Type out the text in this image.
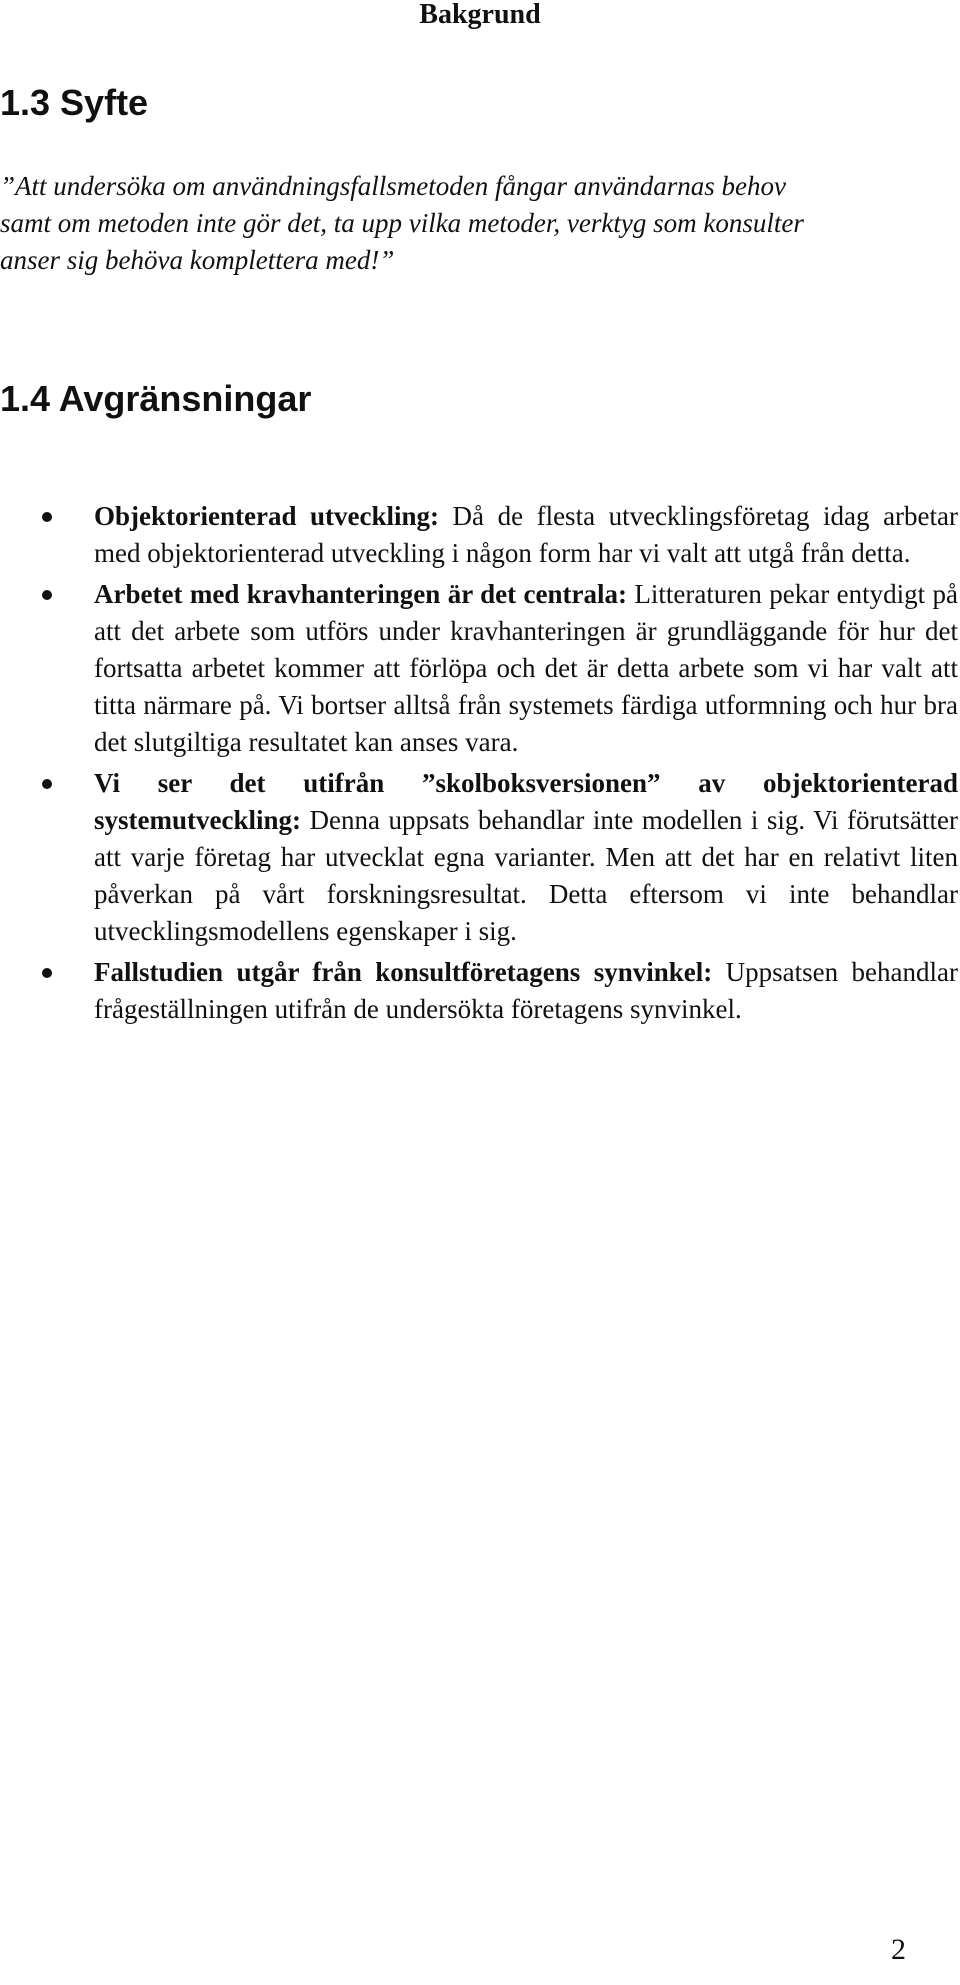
Bakgrund
1.3 Syfte
”Att undersöka om användningsfallsmetoden fångar användarnas behov
samt om metoden inte gör det, ta upp vilka metoder, verktyg som konsulter
anser sig behöva komplettera med!”
1.4 Avgränsningar
Objektorienterad utveckling: Då de flesta utvecklingsföretag idag arbetar med objektorienterad utveckling i någon form har vi valt att utgå från detta.
Arbetet med kravhanteringen är det centrala: Litteraturen pekar entydigt på att det arbete som utförs under kravhanteringen är grundläggande för hur det fortsatta arbetet kommer att förlöpa och det är detta arbete som vi har valt att titta närmare på. Vi bortser alltså från systemets färdiga utformning och hur bra det slutgiltiga resultatet kan anses vara.
Vi ser det utifrån ”skolboksversionen” av objektorienterad systemutveckling: Denna uppsats behandlar inte modellen i sig. Vi förutsätter att varje företag har utvecklat egna varianter. Men att det har en relativt liten påverkan på vårt forskningsresultat. Detta eftersom vi inte behandlar utvecklingsmodellens egenskaper i sig.
Fallstudien utgår från konsultföretagens synvinkel: Uppsatsen behandlar frågeställningen utifrån de undersökta företagens synvinkel.
2
